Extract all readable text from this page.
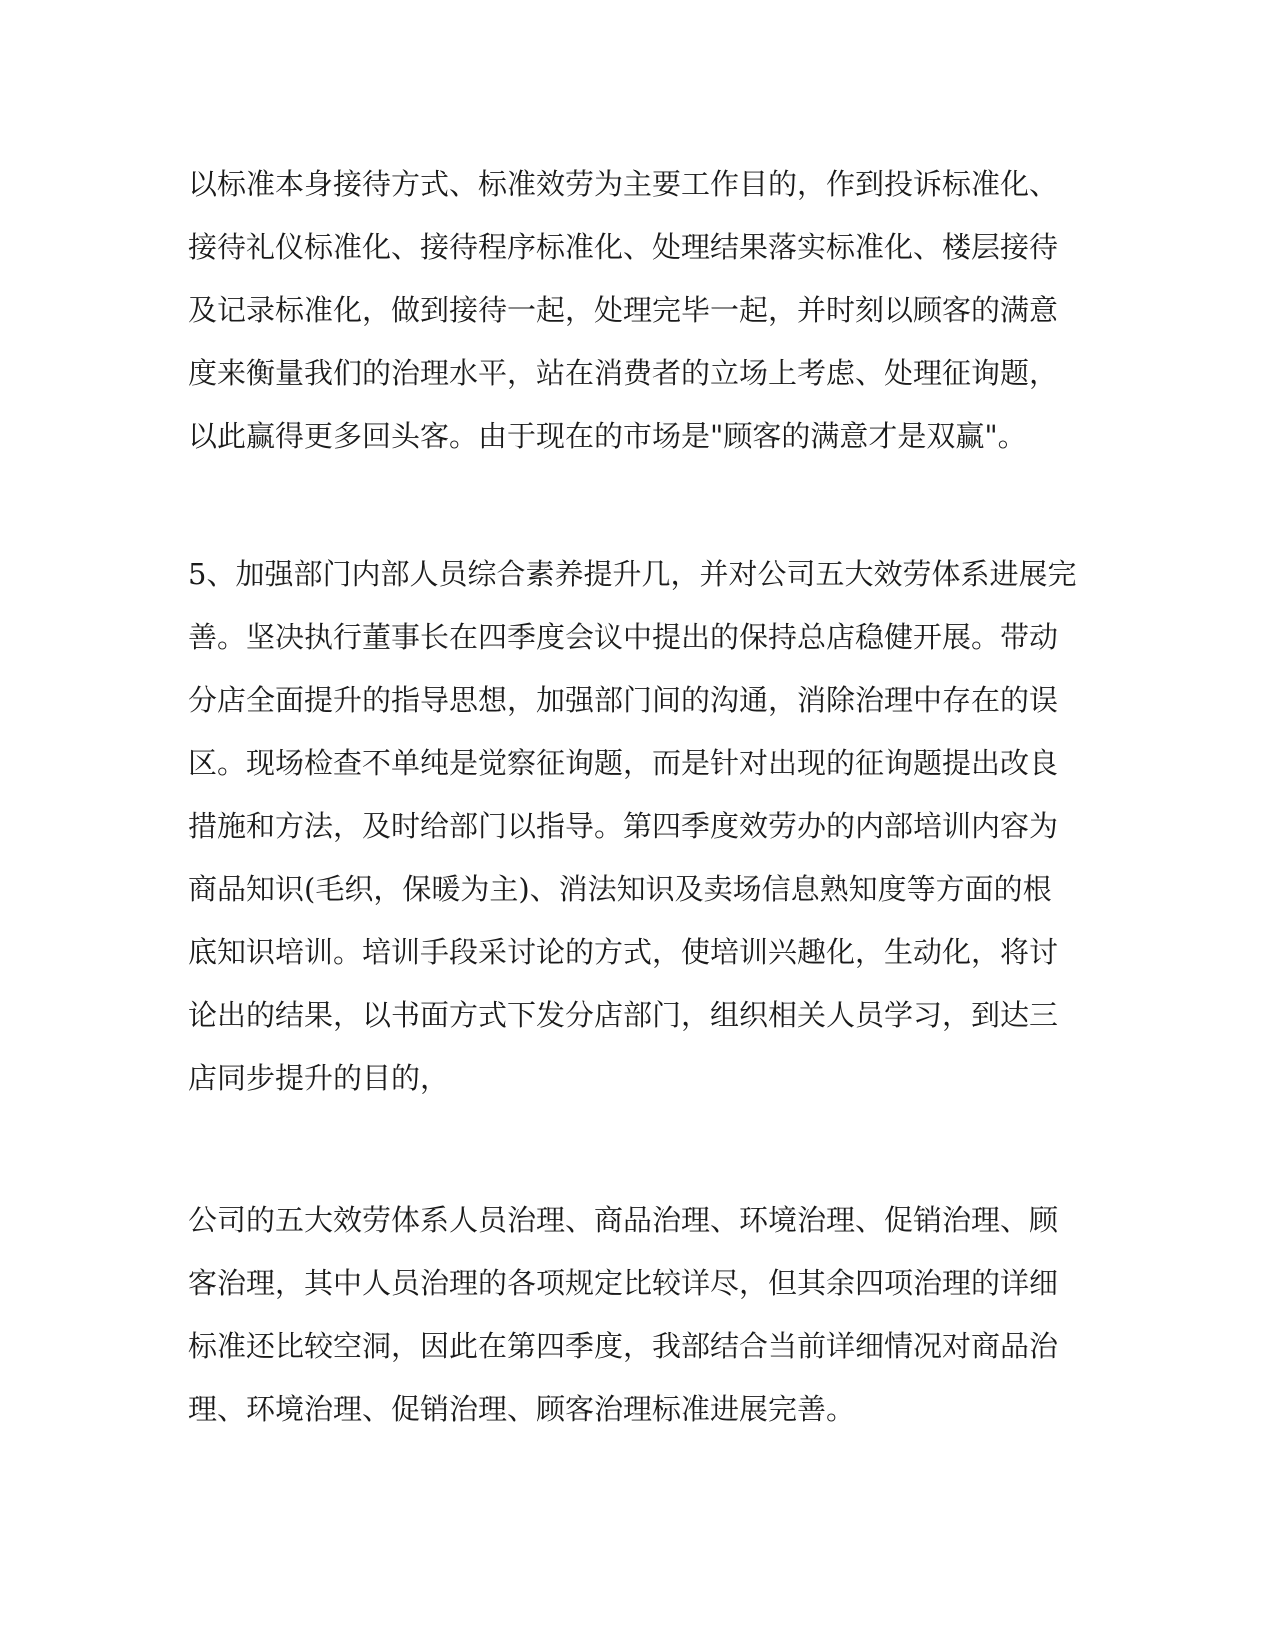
以标准本身接待方式、标准效劳为主要工作目的，作到投诉标准化、
接待礼仪标准化、接待程序标准化、处理结果落实标准化、楼层接待
及记录标准化，做到接待一起，处理完毕一起，并时刻以顾客的满意
度来衡量我们的治理水平，站在消费者的立场上考虑、处理征询题，
以此赢得更多回头客。由于现在的市场是"顾客的满意才是双赢"。
5、加强部门内部人员综合素养提升几，并对公司五大效劳体系进展完
善。坚决执行董事长在四季度会议中提出的保持总店稳健开展。带动
分店全面提升的指导思想，加强部门间的沟通，消除治理中存在的误
区。现场检查不单纯是觉察征询题，而是针对出现的征询题提出改良
措施和方法，及时给部门以指导。第四季度效劳办的内部培训内容为
商品知识(毛织，保暖为主)、消法知识及卖场信息熟知度等方面的根
底知识培训。培训手段采讨论的方式，使培训兴趣化，生动化，将讨
论出的结果，以书面方式下发分店部门，组织相关人员学习，到达三
店同步提升的目的，
公司的五大效劳体系人员治理、商品治理、环境治理、促销治理、顾
客治理，其中人员治理的各项规定比较详尽，但其余四项治理的详细
标准还比较空洞，因此在第四季度，我部结合当前详细情况对商品治
理、环境治理、促销治理、顾客治理标准进展完善。
